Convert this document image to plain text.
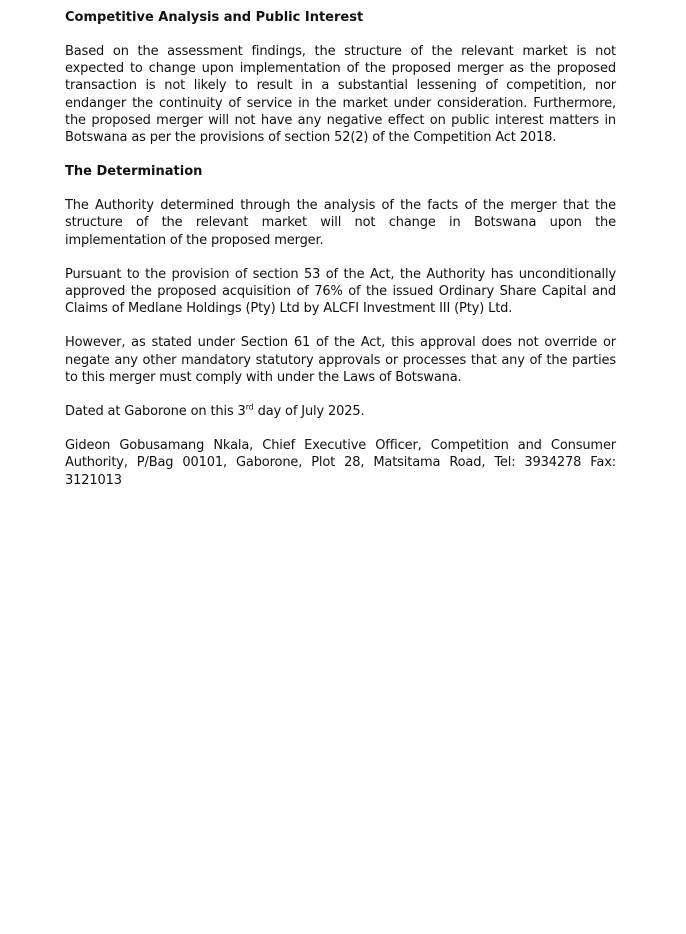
Competitive Analysis and Public Interest

Based on the assessment findings, the structure of the relevant market is not expected to change upon implementation of the proposed merger as the proposed transaction is not likely to result in a substantial lessening of competition, nor endanger the continuity of service in the market under consideration. Furthermore, the proposed merger will not have any negative effect on public interest matters in Botswana as per the provisions of section 52(2) of the Competition Act 2018.

The Determination

The Authority determined through the analysis of the facts of the merger that the structure of the relevant market will not change in Botswana upon the implementation of the proposed merger.

Pursuant to the provision of section 53 of the Act, the Authority has unconditionally approved the proposed acquisition of 76% of the issued Ordinary Share Capital and Claims of Medlane Holdings (Pty) Ltd by ALCFI Investment III (Pty) Ltd.

However, as stated under Section 61 of the Act, this approval does not override or negate any other mandatory statutory approvals or processes that any of the parties to this merger must comply with under the Laws of Botswana.

Dated at Gaborone on this 3rd day of July 2025.

Gideon Gobusamang Nkala, Chief Executive Officer, Competition and Consumer Authority, P/Bag 00101, Gaborone, Plot 28, Matsitama Road, Tel: 3934278 Fax: 3121013
